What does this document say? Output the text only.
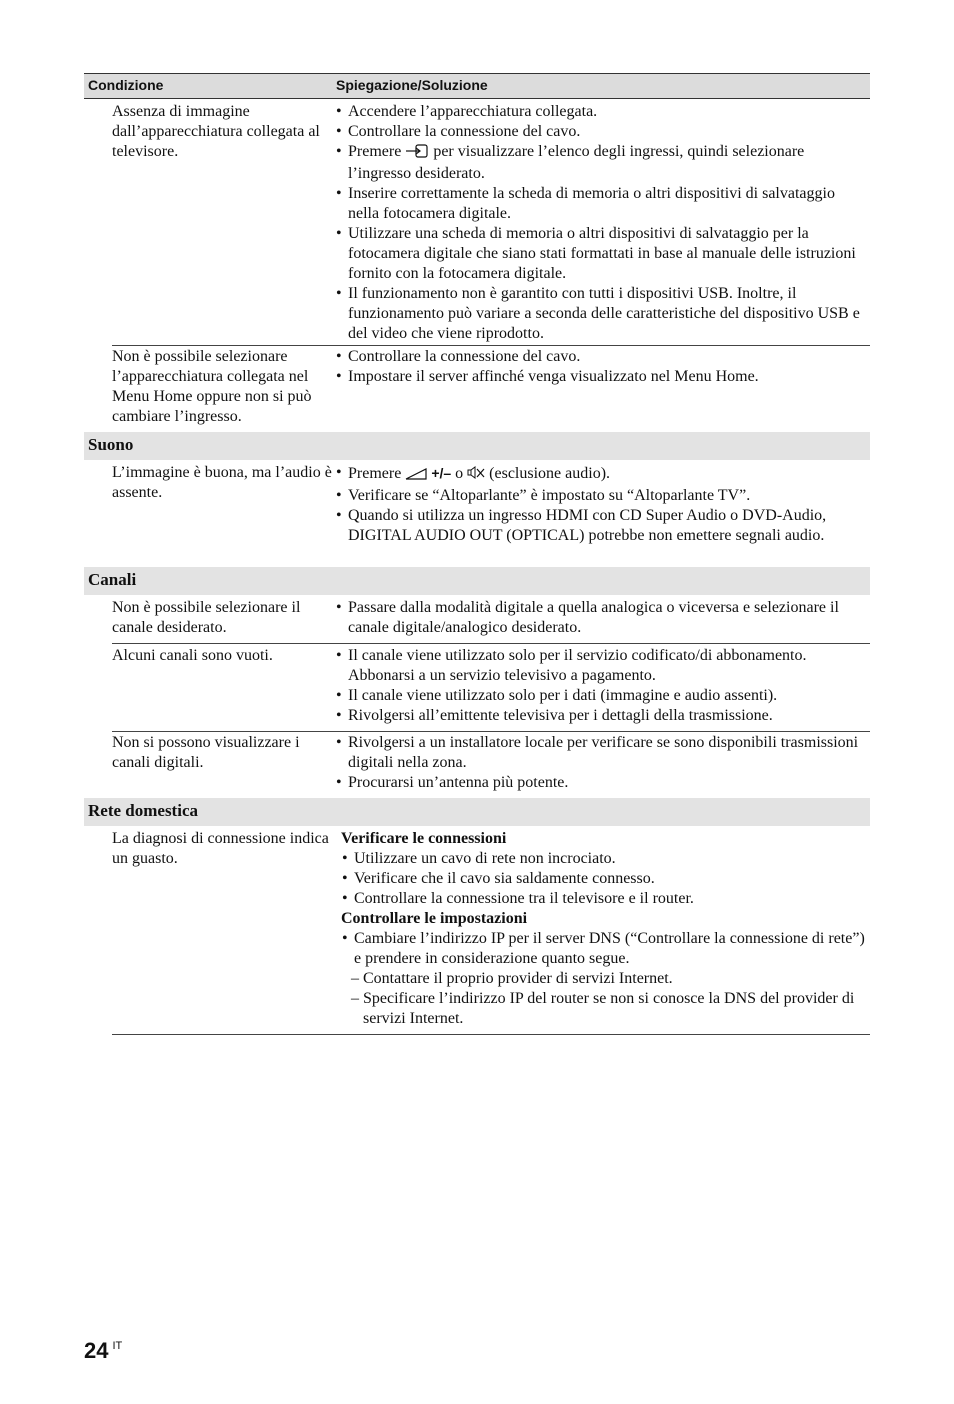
Condizione	Spiegazione/Soluzione
Assenza di immagine dall’apparecchiatura collegata al televisore.

• Accendere l’apparecchiatura collegata.

• Controllare la connessione del cavo.

• Premere per visualizzare l’elenco degli ingressi, quindi selezionare l’ingresso desiderato.

• Inserire correttamente la scheda di memoria o altri dispositivi di salvataggio nella fotocamera digitale.

• Utilizzare una scheda di memoria o altri dispositivi di salvataggio per la fotocamera digitale che siano stati formattati in base al manuale delle istruzioni fornito con la fotocamera digitale.

• Il funzionamento non è garantito con tutti i dispositivi USB. Inoltre, il funzionamento può variare a seconda delle caratteristiche del dispositivo USB e del video che viene riprodotto.

Non è possibile selezionare l’apparecchiatura collegata nel Menu Home oppure non si può cambiare l’ingresso.

• Controllare la connessione del cavo.

• Impostare il server affinché venga visualizzato nel Menu Home.

Suono
L’immagine è buona, ma l’audio è assente.

• Premere +/– o (esclusione audio).

• Verificare se “Altoparlante” è impostato su “Altoparlante TV”.

• Quando si utilizza un ingresso HDMI con CD Super Audio o DVD-Audio, DIGITAL AUDIO OUT (OPTICAL) potrebbe non emettere segnali audio.

Canali
Non è possibile selezionare il canale desiderato.

• Passare dalla modalità digitale a quella analogica o viceversa e selezionare il canale digitale/analogico desiderato.

Alcuni canali sono vuoti.

•	Il canale viene utilizzato solo per il servizio codificato/di abbonamento. Abbonarsi a un servizio televisivo a pagamento.

• Il canale viene utilizzato solo per i dati (immagine e audio assenti).

• Rivolgersi all’emittente televisiva per i dettagli della trasmissione.

Non si possono visualizzare i canali digitali.

• Rivolgersi a un installatore locale per verificare se sono disponibili trasmissioni digitali nella zona.

• Procurarsi un’antenna più potente.

Rete domestica
La diagnosi di connessione indica un guasto.

Verificare le connessioni

• Utilizzare un cavo di rete non incrociato.

• Verificare che il cavo sia saldamente connesso.

• Controllare la connessione tra il televisore e il router.

Controllare le impostazioni

• Cambiare l’indirizzo IP per il server DNS (“Controllare la connessione di rete”) e prendere in considerazione quanto segue.

– Contattare il proprio provider di servizi Internet.

– Specificare l’indirizzo IP del router se non si conosce la DNS del provider di servizi Internet.

24 $^{IT}$
